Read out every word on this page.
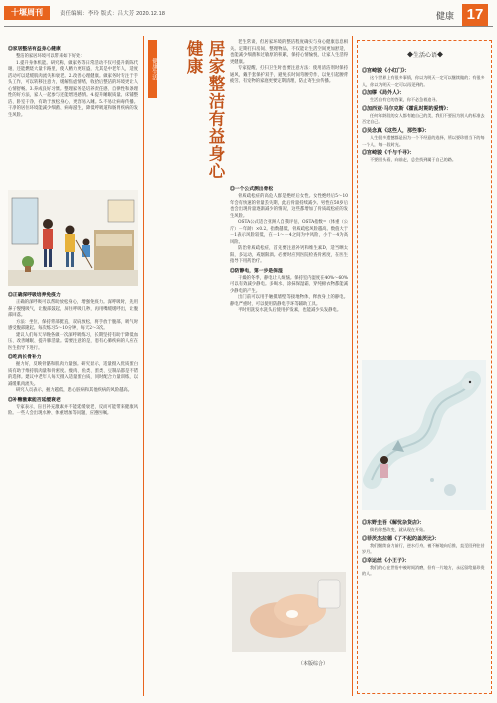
十堰周刊	责任编辑：李玲 版式：吕大芳 2020.12.18	健康 17
◎家居整洁有益身心健康

整洁的家居环境可以带来如下好处：

1.提升身体机能。研究称，做家务等日常活动不仅可提升新陈代谢，还能燃烧大量卡路里，使人精力更旺盛，尤其是中老年人，适度活动可以延缓肌肉流失和衰老。2.改善心理健康。做家务时专注于手头工作，可以转移注意力，缓解焦虑情绪，收拾后整洁的环境更让人心情舒畅。3.养成良好习惯。整理家务是培养责任感、自律性和条理性的好方法，家人一起参与还能增进感情。4.提升睡眠质量。床铺整洁、卧室干净，有助于放松身心，更容易入睡。5.不易让病毒传播。干净的居住环境能减少细菌、病毒滋生，降低呼吸道和肠胃疾病的发生风险。

◎正确深呼吸培养免疫力

正确的深呼吸可以帮助放松身心，增强免疫力。深呼吸时，先用鼻子慢慢吸气，让腹部鼓起，屏住呼吸几秒，再用嘴缓缓呼出，让腹部回落。

方法：坐位，保持背部挺直，双肩放松，将手放于腹部，吸气时感受腹部隆起。每次练习5～10分钟，每天2～3次。

建议人们每天早晚各做一次深呼吸练习，长期坚持有助于降低血压、改善睡眠、提升肺活量。需要注意的是，患有心肺疾病的人应在医生指导下进行。

◎吃肉长骨补力

握力好，反映骨骼和肌肉力量强。研究显示，适量摄入优质蛋白质有助于维持肌肉量和骨密度。瘦肉、鱼类、蛋类、豆制品都是不错的选择。建议中老年人每天摄入适量蛋白质，同时配合力量训练，以减缓肌肉流失。

研究人员表示，握力越低，患心脏病和其他疾病的风险越高。

◎补糖激素能否延缓衰老

专家表示，盲目补充激素并不能延缓衰老，反而可能带来健康风险。一些人会出现水肿、体重增加等问题，应遵医嘱。

健康生活	居家整洁有益身心健康	老生常谈，但居家环境的整洁程度确实与身心健康息息相关。定期打扫房间、整理物品，不仅能让生活空间更加舒适，也能减少细菌和过敏原的积累，保持心情愉悦，让家人生活得更健康。

专家提醒，打扫卫生时也要注意方法：使用清洁剂时保持通风，戴手套保护双手，避免长时间弯腰劳作，以免引起腰背疲劳。有宠物的家庭更要定期清理，防止寄生虫传播。

◎一个公式测出骨松

骨质疏松症的高危人群是绝经后女性。女性绝经后5～10年会有快速的骨量丢失期，此后骨量持续减少。男性在50岁后也会出现骨量逐渐减少的情况，这些都增加了骨质疏松症的发生风险。

OSTA公式适合亚洲人自我评估，OSTA指数=（体重（公斤）－年龄）×0.2。指数越低，骨质疏松风险越高。数值大于－1表示风险较低，在－1～－4之间为中风险，小于－4为高风险。

防治骨质疏松症，首先要注意补钙和维生素D，适当晒太阳，多运动，戒烟限酒。必要时应到医院检查骨密度，在医生指导下用药治疗。

◎防静电，第一步是保湿

干燥的冬季，静电让人烦恼。保持室内湿度在40%～60%可以有效减少静电。多喝水、涂抹保湿霜、穿纯棉衣物都能减少静电的产生。

出门前可以用手触摸墙壁等接地物体，释放身上的静电。静电严重时，可以使用防静电手环等辅助工具。

平时用洗发水洗头后使用护发素，也能减少头发静电。

（本版综合）
◆生活心语◆
◎宫崎骏《小红门》：

这个世界上有很多事情，你以为明天一定可以继续做的；有很多人，你以为明天一定可以再见到的。

◎加缪《局外人》：

生活自有它的答案，你不必急着追寻。

◎加西亚·马尔克斯《霍乱时期的爱情》：

任何年龄段的女人都有她自己的美，我们不要因为别人的标准去否定自己。

◎吴念真《这些人，那些事》：

人生很多遗憾都是因为一个不经意的选择，所以要珍惜当下的每一个人，每一段时光。

◎宫崎骏《千与千寻》：

不要回头看，向前走，总会找到属于自己的路。

◎东野圭吾《解忧杂货店》：

倘若你想改变，就从现在开始。

◎菲茨杰拉德《了不起的盖茨比》：

我们继续奋力前行，逆水行舟，被不断地向后推，直至回到往昔岁月。

◎幸运丝《小王子》：

我们的心在世俗中被时间消磨，但有一片地方，永远留给最珍贵的人。
